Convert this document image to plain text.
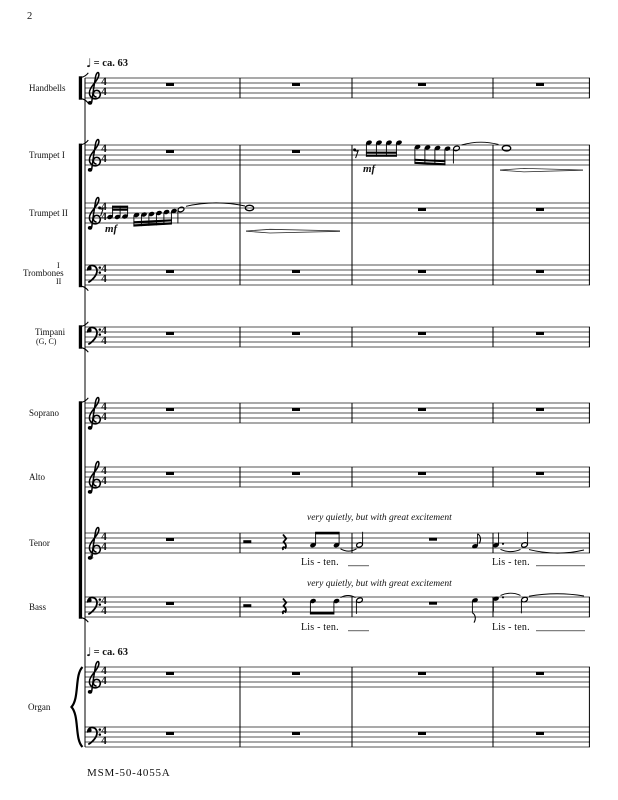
2
♩ = ca. 63
♩ = ca. 63
Handbells
Trumpet I
Trumpet II
I
Trombones
II
Timpani
(G, C)
Soprano
Alto
Tenor
Bass
Organ
8
4
4
4
4
4
4
4
4
4
4
4
4
4
4
4
4
4
4
4
4
4
4
mf
mf
very quietly, but with great excitement
very quietly, but with great excitement
Lis - ten.	Lis - ten.
Lis - ten.	Lis - ten.
MSM-50-4055A
